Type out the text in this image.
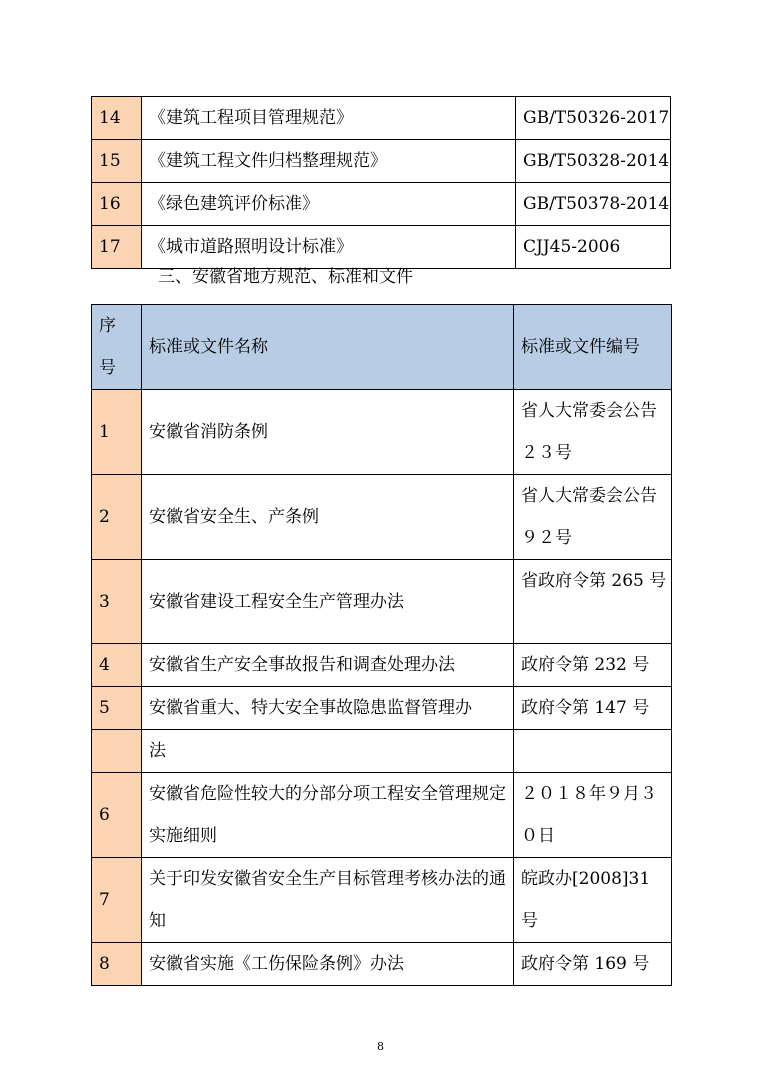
14	《建筑工程项目管理规范》	GB/T50326-2017
15	《建筑工程文件归档整理规范》	GB/T50328-2014
16	《绿色建筑评价标准》	GB/T50378-2014
17	《城市道路照明设计标准》	CJJ45-2006
三、安徽省地方规范、标准和文件
序号	标准或文件名称	标准或文件编号
1	安徽省消防条例	省人大常委会公告２３号
2	安徽省安全生、产条例	省人大常委会公告９２号
3	安徽省建设工程安全生产管理办法	省政府令第 265 号
4	安徽省生产安全事故报告和调查处理办法	政府令第 232 号
5	安徽省重大、特大安全事故隐患监督管理办	政府令第 147 号
	法	
6	安徽省危险性较大的分部分项工程安全管理规定实施细则	２０１８年９月３０日
7	关于印发安徽省安全生产目标管理考核办法的通知	皖政办[2008]31 号
8	安徽省实施《工伤保险条例》办法	政府令第 169 号
8
